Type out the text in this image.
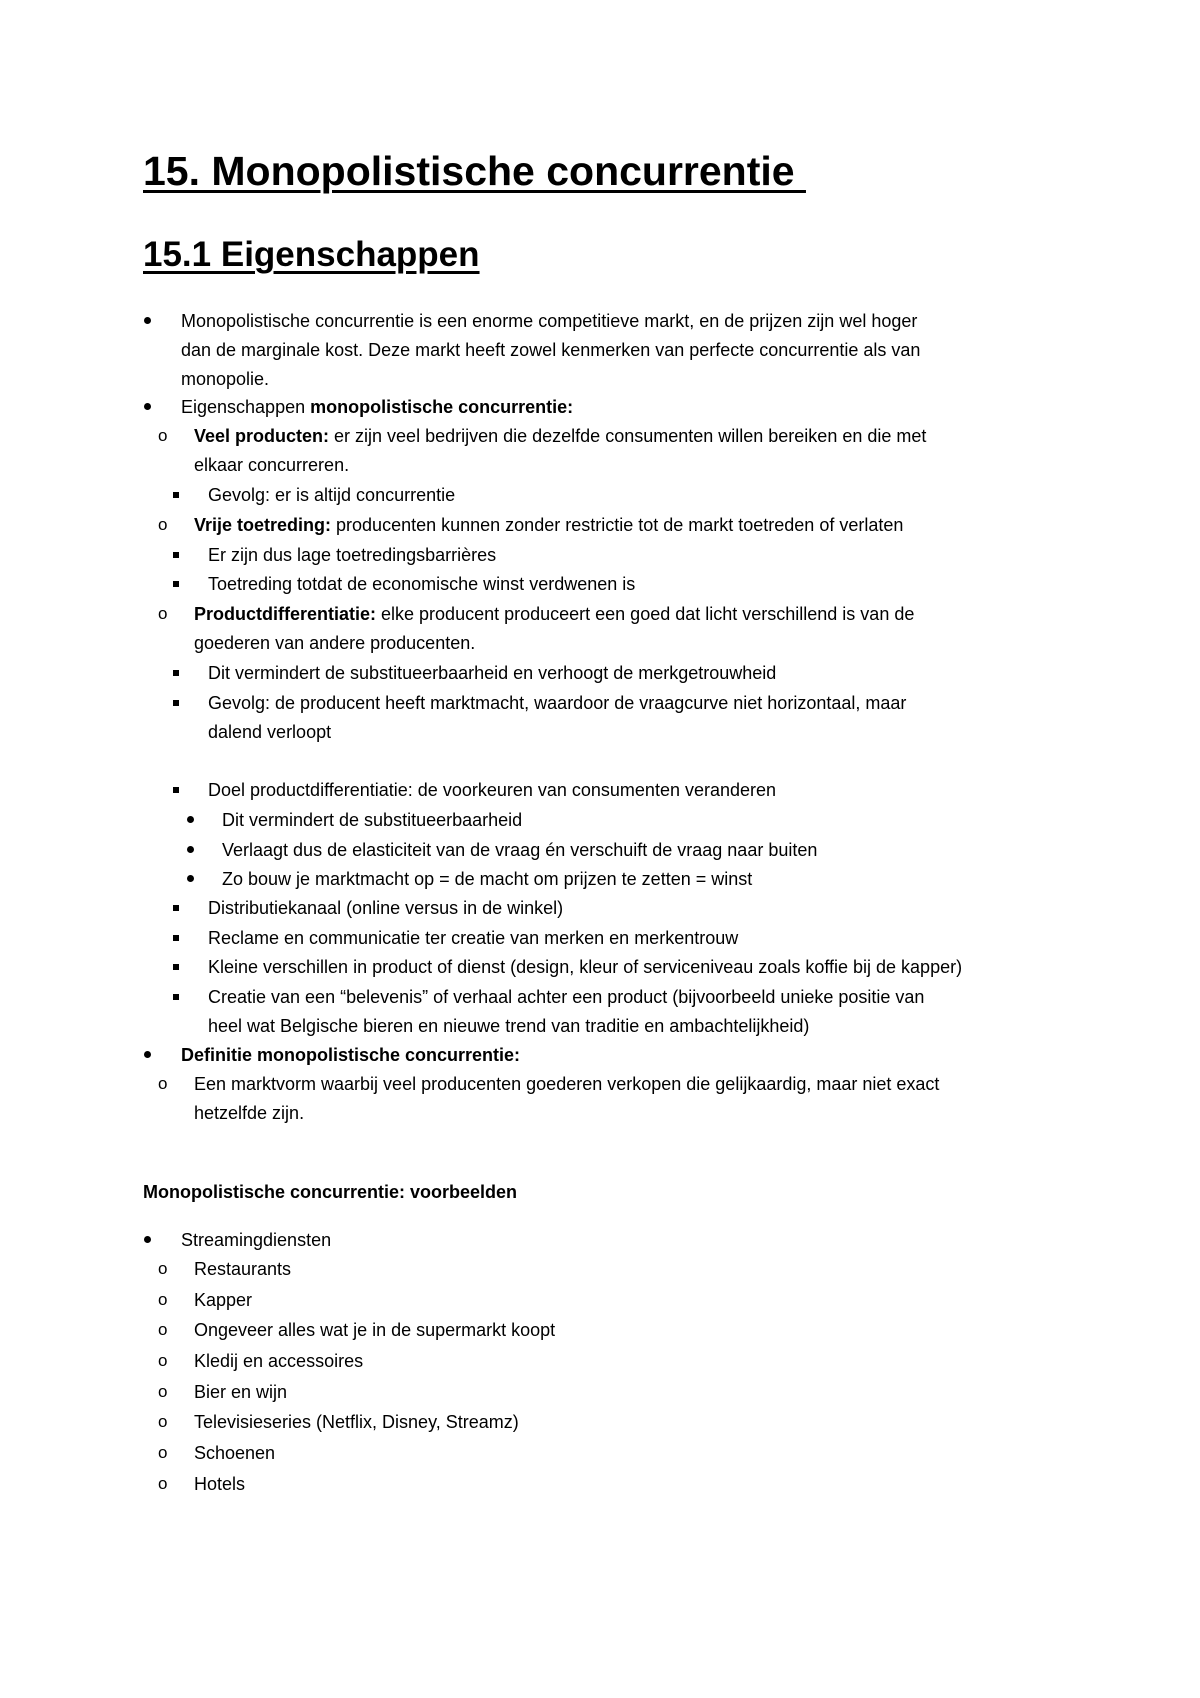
15. Monopolistische concurrentie
15.1 Eigenschappen
Monopolistische concurrentie is een enorme competitieve markt, en de prijzen zijn wel hoger
dan de marginale kost. Deze markt heeft zowel kenmerken van perfecte concurrentie als van
monopolie.
Eigenschappen monopolistische concurrentie:
o Veel producten: er zijn veel bedrijven die dezelfde consumenten willen bereiken en die met
elkaar concurreren.
Gevolg: er is altijd concurrentie
o Vrije toetreding: producenten kunnen zonder restrictie tot de markt toetreden of verlaten
Er zijn dus lage toetredingsbarrières
Toetreding totdat de economische winst verdwenen is
o Productdifferentiatie: elke producent produceert een goed dat licht verschillend is van de
goederen van andere producenten.
Dit vermindert de substitueerbaarheid en verhoogt de merkgetrouwheid
Gevolg: de producent heeft marktmacht, waardoor de vraagcurve niet horizontaal, maar
dalend verloopt
Doel productdifferentiatie: de voorkeuren van consumenten veranderen
Dit vermindert de substitueerbaarheid
Verlaagt dus de elasticiteit van de vraag én verschuift de vraag naar buiten
Zo bouw je marktmacht op = de macht om prijzen te zetten = winst
Distributiekanaal (online versus in de winkel)
Reclame en communicatie ter creatie van merken en merkentrouw
Kleine verschillen in product of dienst (design, kleur of serviceniveau zoals koffie bij de kapper)
Creatie van een “belevenis” of verhaal achter een product (bijvoorbeeld unieke positie van
heel wat Belgische bieren en nieuwe trend van traditie en ambachtelijkheid)
Definitie monopolistische concurrentie:
o Een marktvorm waarbij veel producenten goederen verkopen die gelijkaardig, maar niet exact
hetzelfde zijn.

Monopolistische concurrentie: voorbeelden

Streamingdiensten
o Restaurants
o Kapper
o Ongeveer alles wat je in de supermarkt koopt
o Kledij en accessoires
o Bier en wijn
o Televisieseries (Netflix, Disney, Streamz)
o Schoenen
o Hotels
